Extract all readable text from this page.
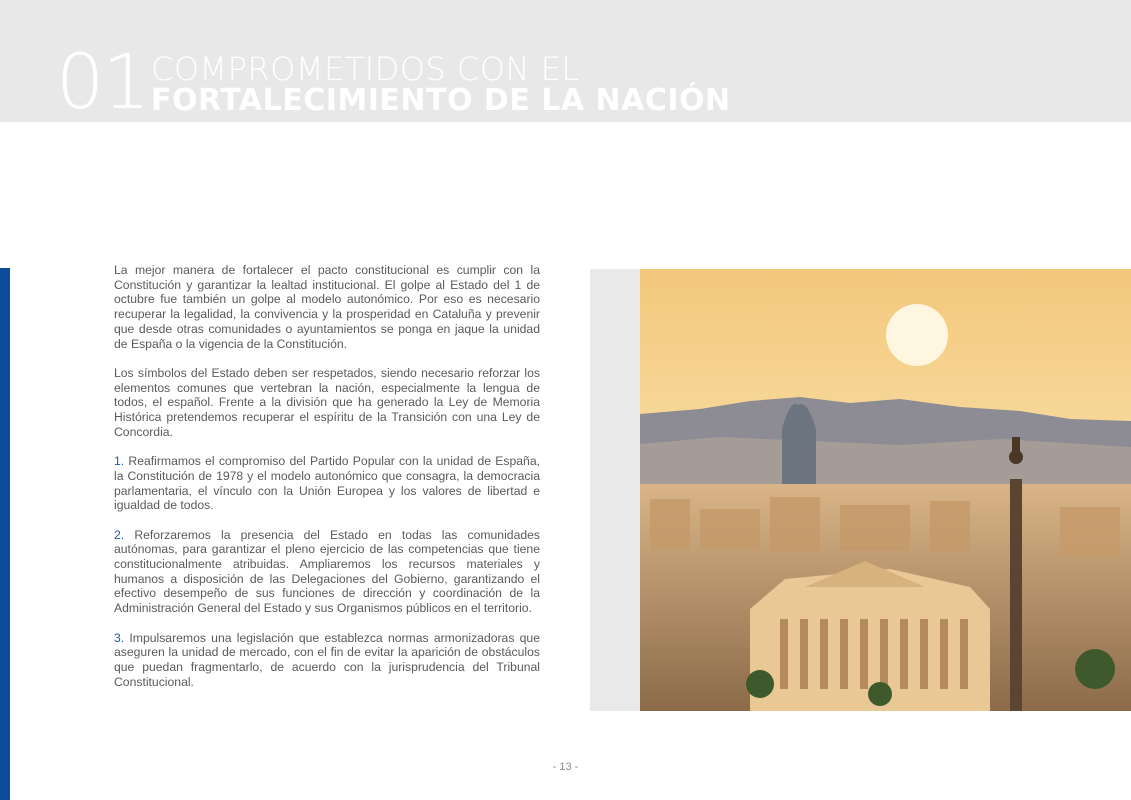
01 COMPROMETIDOS CON EL
FORTALECIMIENTO DE LA NACIÓN

La mejor manera de fortalecer el pacto constitucional es cumplir con la Constitución y garantizar la lealtad institucional. El golpe al Estado del 1 de octubre fue también un golpe al modelo autonómico. Por eso es necesario recuperar la legalidad, la convivencia y la prosperidad en Cataluña y prevenir que desde otras comunidades o ayuntamientos se ponga en jaque la unidad de España o la vigencia de la Constitución.

Los símbolos del Estado deben ser respetados, siendo necesario reforzar los elementos comunes que vertebran la nación, especialmente la lengua de todos, el español. Frente a la división que ha generado la Ley de Memoria Histórica pretendemos recuperar el espíritu de la Transición con una Ley de Concordia.

1. Reafirmamos el compromiso del Partido Popular con la unidad de España, la Constitución de 1978 y el modelo autonómico que consagra, la democracia parlamentaria, el vínculo con la Unión Europea y los valores de libertad e igualdad de todos.

2. Reforzaremos la presencia del Estado en todas las comunidades autónomas, para garantizar el pleno ejercicio de las competencias que tiene constitucionalmente atribuidas. Ampliaremos los recursos materiales y humanos a disposición de las Delegaciones del Gobierno, garantizando el efectivo desempeño de sus funciones de dirección y coordinación de la Administración General del Estado y sus Organismos públicos en el territorio.

3. Impulsaremos una legislación que establezca normas armonizadoras que aseguren la unidad de mercado, con el fin de evitar la aparición de obstáculos que puedan fragmentarlo, de acuerdo con la jurisprudencia del Tribunal Constitucional.

- 13 -
